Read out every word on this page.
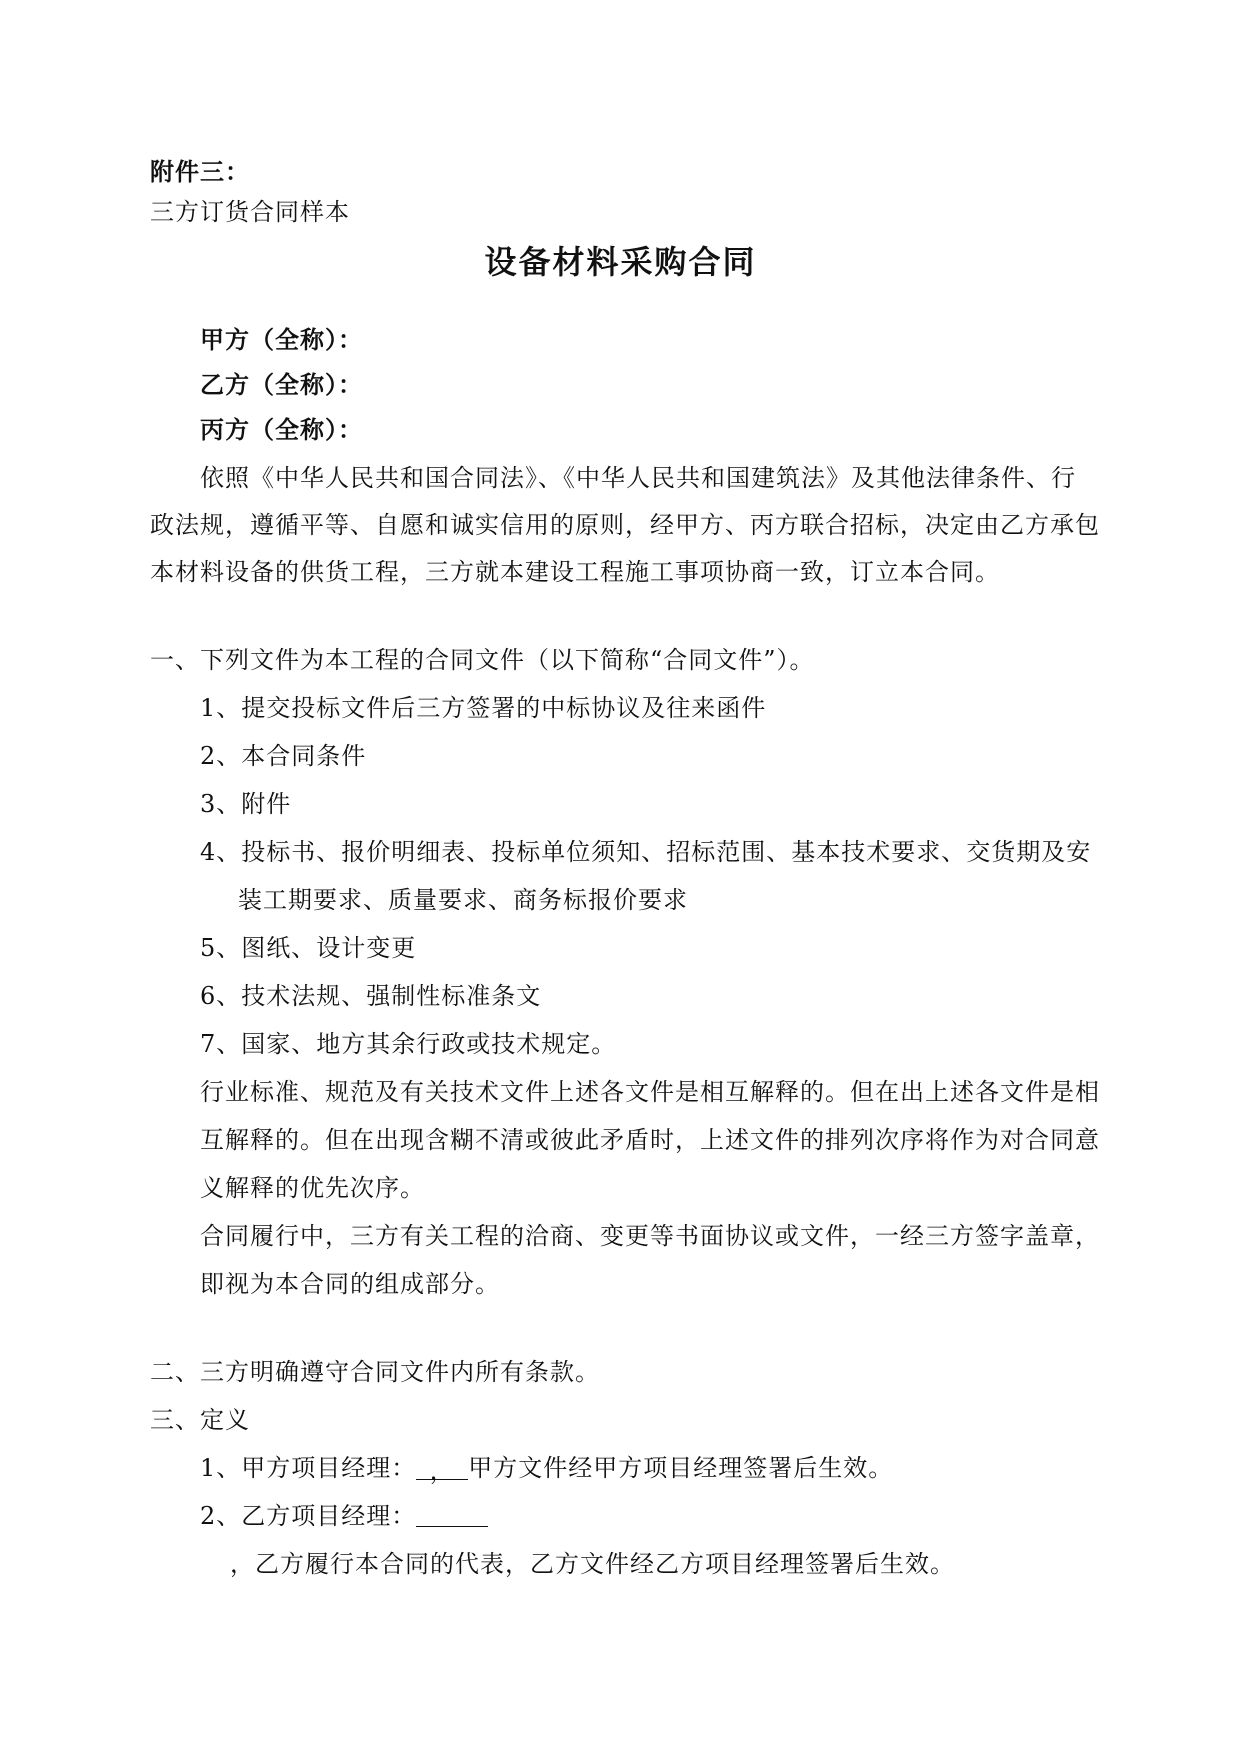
附件三：
三方订货合同样本
设备材料采购合同
甲方（全称）：
乙方（全称）：
丙方（全称）：
依照《中华人民共和国合同法》、《中华人民共和国建筑法》及其他法律条件、行
政法规，遵循平等、自愿和诚实信用的原则，经甲方、丙方联合招标，决定由乙方承包
本材料设备的供货工程，三方就本建设工程施工事项协商一致，订立本合同。
一、下列文件为本工程的合同文件（以下简称“合同文件”）。
1、提交投标文件后三方签署的中标协议及往来函件
2、本合同条件
3、附件
4、投标书、报价明细表、投标单位须知、招标范围、基本技术要求、交货期及安
装工期要求、质量要求、商务标报价要求
5、图纸、设计变更
6、技术法规、强制性标准条文
7、国家、地方其余行政或技术规定。
行业标准、规范及有关技术文件上述各文件是相互解释的。但在出上述各文件是相
互解释的。但在出现含糊不清或彼此矛盾时，上述文件的排列次序将作为对合同意
义解释的优先次序。
合同履行中，三方有关工程的洽商、变更等书面协议或文件，一经三方签字盖章，
即视为本合同的组成部分。
二、三方明确遵守合同文件内所有条款。
三、定义
1、甲方项目经理： ， 甲方文件经甲方项目经理签署后生效。
2、乙方项目经理：
，乙方履行本合同的代表，乙方文件经乙方项目经理签署后生效。
